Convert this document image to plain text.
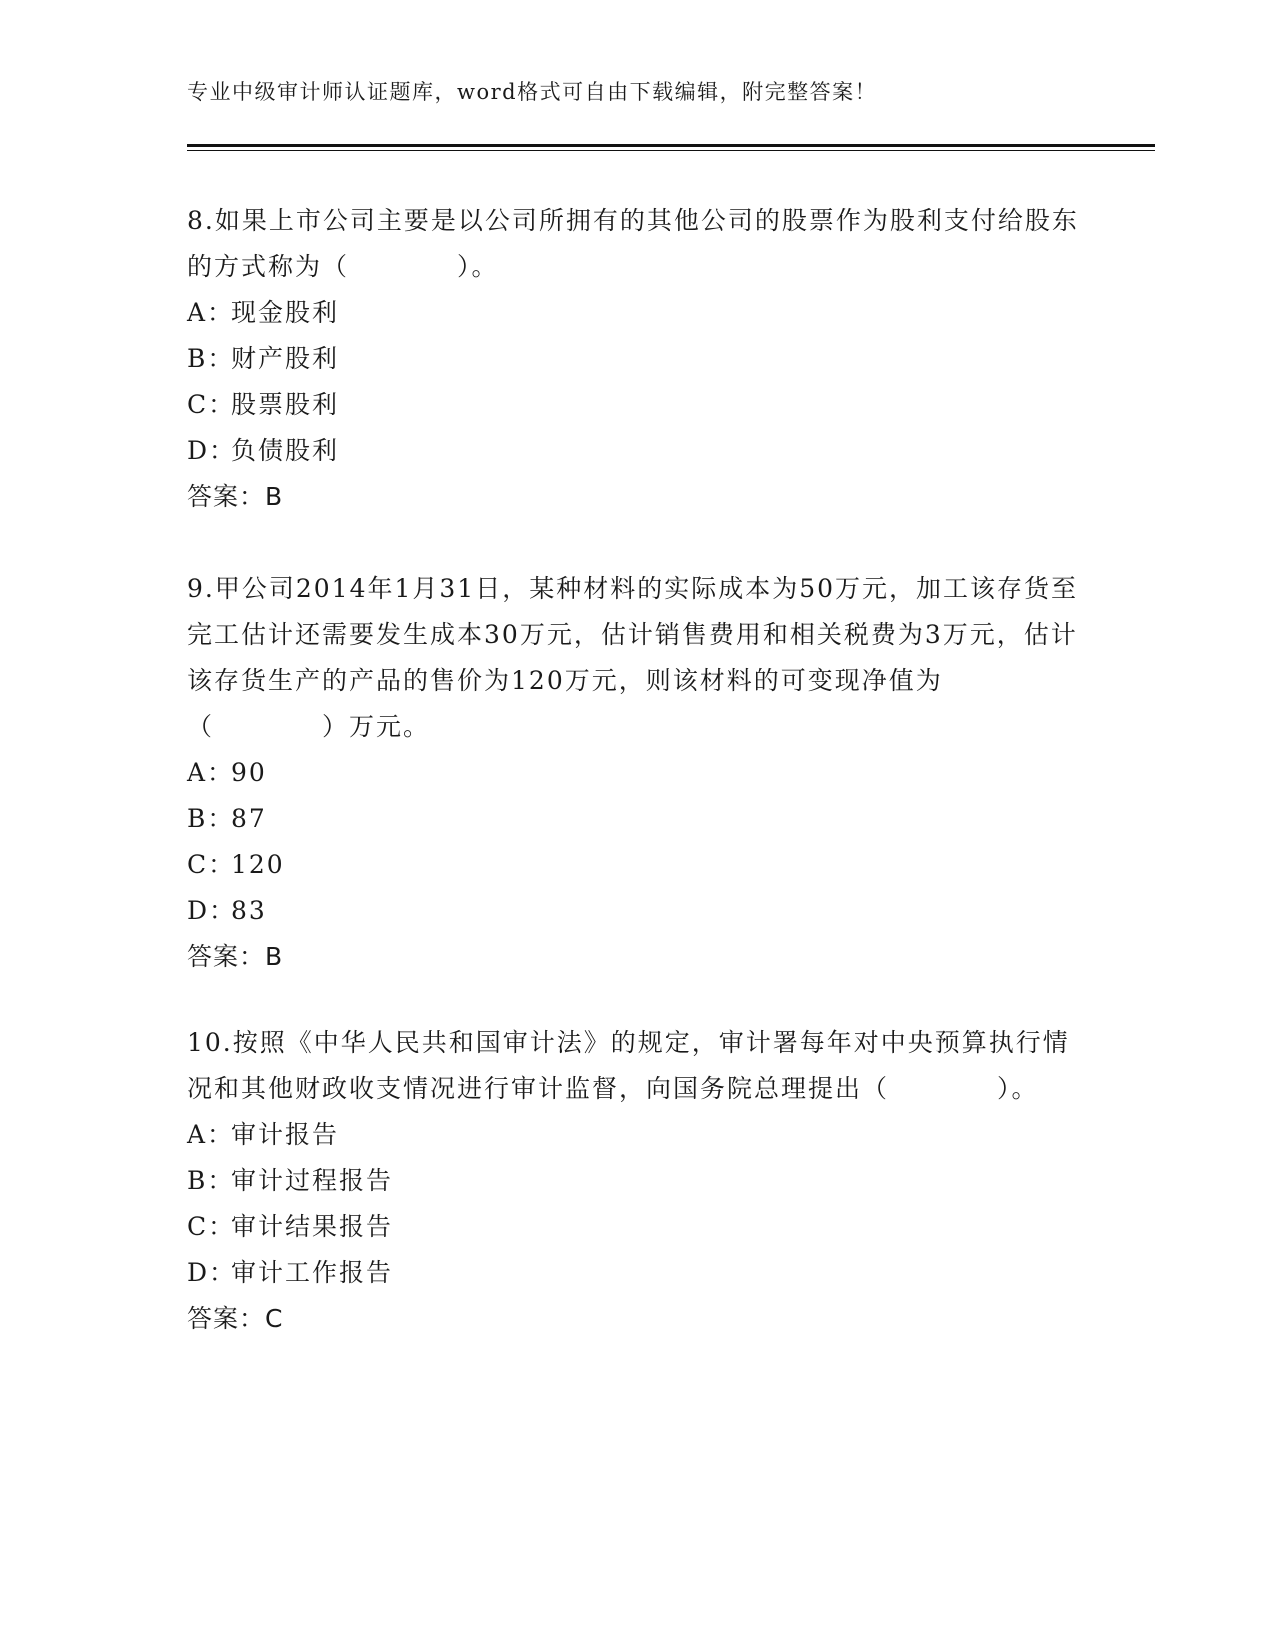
专业中级审计师认证题库，word格式可自由下载编辑，附完整答案！

8.如果上市公司主要是以公司所拥有的其他公司的股票作为股利支付给股东的方式称为（　　　　）。

A：现金股利
B：财产股利
C：股票股利
D：负债股利
答案：B

9.甲公司2014年1月31日，某种材料的实际成本为50万元，加工该存货至完工估计还需要发生成本30万元，估计销售费用和相关税费为3万元，估计该存货生产的产品的售价为120万元，则该材料的可变现净值为（　　　　）万元。

A：90
B：87
C：120
D：83
答案：B

10.按照《中华人民共和国审计法》的规定，审计署每年对中央预算执行情况和其他财政收支情况进行审计监督，向国务院总理提出（　　　　）。

A：审计报告
B：审计过程报告
C：审计结果报告
D：审计工作报告
答案：C
